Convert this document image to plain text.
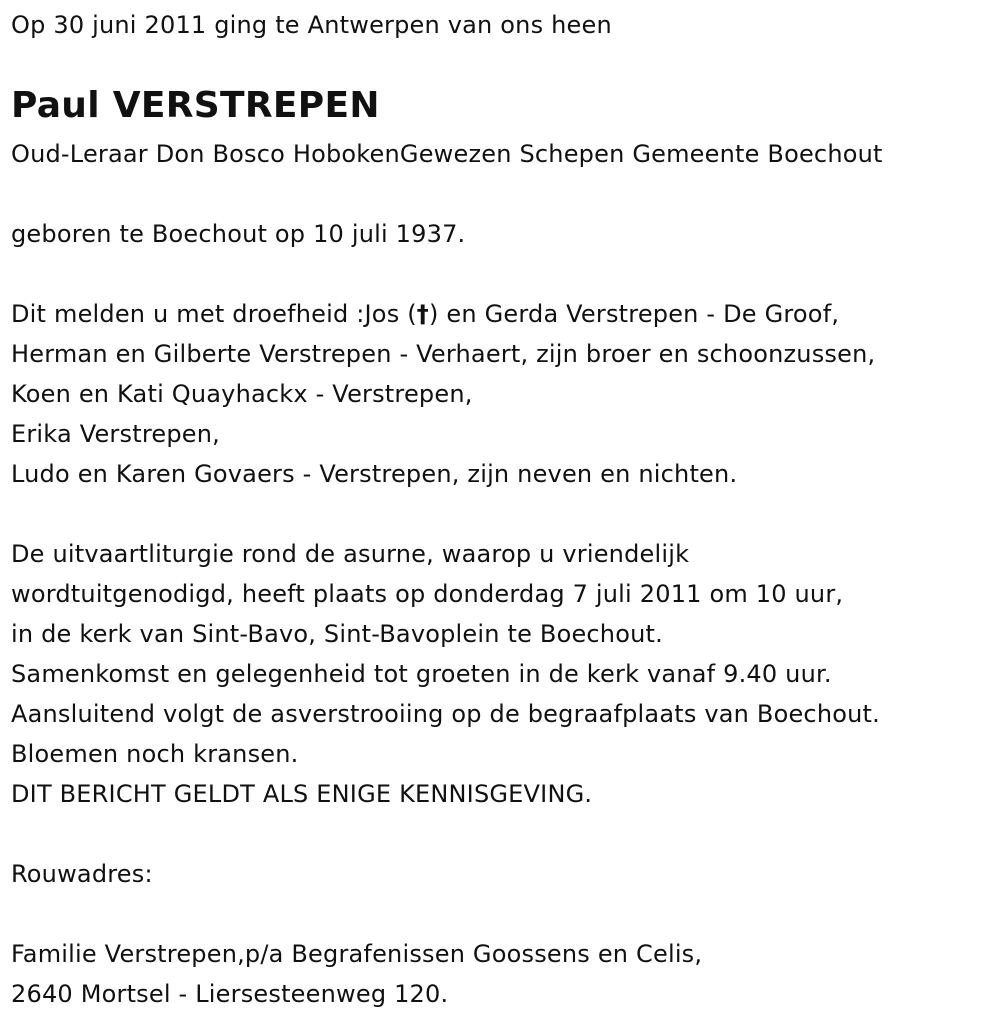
Op 30 juni 2011 ging te Antwerpen van ons heen
Paul VERSTREPEN
Oud-Leraar Don Bosco HobokenGewezen Schepen Gemeente Boechout
geboren te Boechout op 10 juli 1937.
Dit melden u met droefheid :Jos (†) en Gerda Verstrepen - De Groof,
Herman en Gilberte Verstrepen - Verhaert, zijn broer en schoonzussen,
Koen en Kati Quayhackx - Verstrepen,
Erika Verstrepen,
Ludo en Karen Govaers - Verstrepen, zijn neven en nichten.
De uitvaartliturgie rond de asurne, waarop u vriendelijk
wordtuitgenodigd, heeft plaats op donderdag 7 juli 2011 om 10 uur,
in de kerk van Sint-Bavo, Sint-Bavoplein te Boechout.
Samenkomst en gelegenheid tot groeten in de kerk vanaf 9.40 uur.
Aansluitend volgt de asverstrooiing op de begraafplaats van Boechout.
Bloemen noch kransen.
DIT BERICHT GELDT ALS ENIGE KENNISGEVING.
Rouwadres:
Familie Verstrepen,p/a Begrafenissen Goossens en Celis,
2640 Mortsel - Liersesteenweg 120.
